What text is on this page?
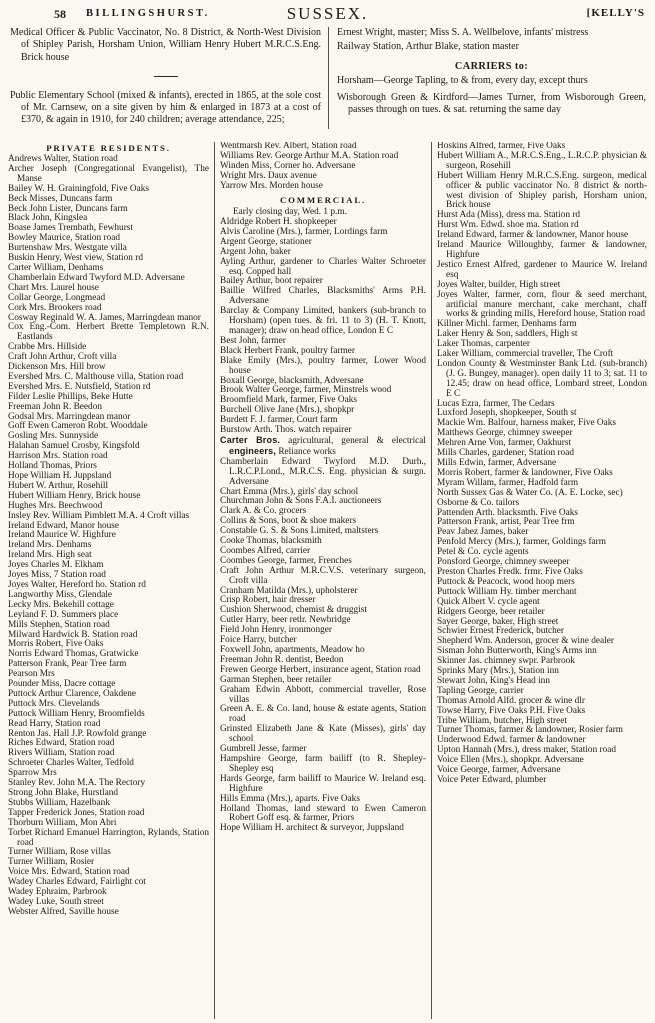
58 BILLINGSHURST.	SUSSEX.	[KELLY'S

Medical Officer & Public Vaccinator, No. 8 District, & North-West Division of Shipley Parish, Horsham Union, William Henry Hubert M.R.C.S.Eng. Brick house

Public Elementary School (mixed & infants), erected in 1865, at the sole cost of Mr. Carnsew, on a site given by him & enlarged in 1873 at a cost of £370, & again in 1910, for 240 children; average attendance, 225;

Ernest Wright, master; Miss S. A. Wellbelove, infants' mistress

Railway Station, Arthur Blake, station master

CARRIERS to:
Horsham—George Tapling, to & from, every day, except thurs
Wisborough Green & Kirdford—James Turner, from Wisborough Green, passes through on tues. & sat. returning the same day
PRIVATE RESIDENTS.
Andrews Walter, Station road
Archer Joseph (Congregational Evangelist), The Manse
Bailey W. H. Grainingfold, Five Oaks
Beck Misses, Duncans farm
Beck John Lister, Duncans farm
Black John, Kingslea
Boase James Trembath, Fewhurst
Bowley Maurice, Station road
Burtenshaw Mrs. Westgate villa
Buskin Henry, West view, Station rd
Carter William, Denhams
Chamberlain Edward Twyford M.D. Adversane
Chart Mrs. Laurel house
Collar George, Longmead
Cork Mrs. Brookers road
Cosway Reginald W. A. James, Marringdean manor
Cox Eng.-Com. Herbert Brette Templetown R.N. Eastlands
Crabbe Mrs. Hillside
Craft John Arthur, Croft villa
Dickenson Mrs. Hill brow
Evershed Mrs. C. Malthouse villa, Station road
Evershed Mrs. E. Nutsfield, Station rd
Filder Leslie Phillips, Beke Hutte
Freeman John R. Beedon
Godsal Mrs. Marringdean manor
Goff Ewen Cameron Robt. Wooddale
Gosling Mrs. Sunnyside
Halahan Samuel Crosby, Kingsfold
Harrison Mrs. Station road
Holland Thomas, Priors
Hope William H. Juppsland
Hubert W. Arthur, Rosehill
Hubert William Henry, Brick house
Hughes Mrs. Beechwood
Insley Rev. William Pimblett M.A. 4 Croft villas
Ireland Edward, Manor house
Ireland Maurice W. Highfure
Ireland Mrs. Denhams
Ireland Mrs. High seat
Joyes Charles M. Elkham
Joyes Miss, 7 Station road
Joyes Walter, Hereford ho. Station rd
Langworthy Miss, Glendale
Lecky Mrs. Bekehill cottage
Leyland F. D. Summers place
Mills Stephen, Station road
Milward Hardwick B. Station road
Morris Robert, Five Oaks
Norris Edward Thomas, Gratwicke
Patterson Frank, Pear Tree farm
Pearson Mrs
Pounder Miss, Dacre cottage
Puttock Arthur Clarence, Oakdene
Puttock Mrs. Clevelands
Puttock William Henry, Broomfields
Read Harry, Station road
Renton Jas. Hall J.P. Rowfold grange
Riches Edward, Station road
Rivers William, Station road
Schroeter Charles Walter, Tedfold
Sparrow Mrs
Stanley Rev. John M.A. The Rectory
Strong John Blake, Hurstland
Stubbs William, Hazelbank
Tapper Frederick Jones, Station road
Thorburn William, Mon Abri
Torbet Richard Emanuel Harrington, Rylands, Station road
Turner William, Rose villas
Turner William, Rosier
Voice Mrs. Edward, Station road
Wadey Charles Edward, Fairlight cot
Wadey Ephraim, Parbrook
Wadey Luke, South street
Webster Alfred, Saville house
Wentmarsh Rev. Albert, Station road
Williams Rev. George Arthur M.A. Station road
Winden Miss, Corner ho. Adversane
Wright Mrs. Daux avenue
Yarrow Mrs. Morden house
COMMERCIAL.
Early closing day, Wed. 1 p.m.
Aldridge Robert H. shopkeeper
Alvis Caroline (Mrs.), farmer, Lordings farm
Argent George, stationer
Argent John, baker
Ayling Arthur, gardener to Charles Walter Schroeter esq. Copped hall
Bailey Arthur, boot repairer
Baillie Wilfred Charles, Blacksmiths' Arms P.H. Adversane
Barclay & Company Limited, bankers (sub-branch to Horsham) (open tues. & fri. 11 to 3) (H. T. Knott, manager); draw on head office, London E C
Best John, farmer
Black Herbert Frank, poultry farmer
Blake Emily (Mrs.), poultry farmer, Lower Wood house
Boxall George, blacksmith, Adversane
Brook Walter George, farmer, Minstrels wood
Broomfield Mark, farmer, Five Oaks
Burchell Olive Jane (Mrs.), shopkpr
Burdett F. J. farmer, Court farm
Burstow Arth. Thos. watch repairer
Carter Bros. agricultural, general & electrical engineers, Reliance works
Chamberlain Edward Twyford M.D. Durh., L.R.C.P.Lond., M.R.C.S. Eng. physician & surgn. Adversane
Chart Emma (Mrs.), girls' day school
Churchman John & Sons F.A.I. auctioneers
Clark A. & Co. grocers
Collins & Sons, boot & shoe makers
Constable G. S. & Sons Limited, maltsters
Cooke Thomas, blacksmith
Coombes Alfred, carrier
Coombes George, farmer, Frenches
Craft John Arthur M.R.C.V.S. veterinary surgeon, Croft villa
Cranham Matilda (Mrs.), upholsterer
Crisp Robert, hair dresser
Cushion Sherwood, chemist & druggist
Cutler Harry, beer retlr. Newbridge
Field John Henry, ironmonger
Foice Harry, butcher
Foxwell John, apartments, Meadow ho
Freeman John R. dentist, Beedon
Frewen George Herbert, insurance agent, Station road
Garman Stephen, beer retailer
Graham Edwin Abbott, commercial traveller, Rose villas
Green A. E. & Co. land, house & estate agents, Station road
Grinsted Elizabeth Jane & Kate (Misses), girls' day school
Gumbrell Jesse, farmer
Hampshire George, farm bailiff (to R. Shepley-Shepley esq
Hards George, farm bailiff to Maurice W. Ireland esq. Highfure
Hills Emma (Mrs.), aparts. Five Oaks
Holland Thomas, land steward to Ewen Cameron Robert Goff esq. & farmer, Priors
Hope William H. architect & surveyor, Juppsland
Hoskins Alfred, farmer, Five Oaks
Hubert William A., M.R.C.S.Eng., L.R.C.P. physician & surgeon, Rosehill
Hubert William Henry M.R.C.S.Eng. surgeon, medical officer & public vaccinator No. 8 district & north-west division of Shipley parish, Horsham union, Brick house
Hurst Ada (Miss), dress ma. Station rd
Hurst Wm. Edwd. shoe ma. Station rd
Ireland Edward, farmer & landowner, Manor house
Ireland Maurice Willoughby, farmer & landowner, Highfure
Jestico Ernest Alfred, gardener to Maurice W. Ireland esq
Joyes Walter, builder, High street
Joyes Walter, farmer, corn, flour & seed merchant, artificial manure merchant, cake merchant, chaff works & grinding mills, Hereford house, Station road
Killner Michl. farmer, Denhams farm
Laker Henry & Son, saddlers, High st
Laker Thomas, carpenter
Laker William, commercial traveller, The Croft
London County & Westminster Bank Ltd. (sub-branch) (J. G. Bungey, manager). open daily 11 to 3; sat. 11 to 12.45; draw on head office, Lombard street, London E C
Lucas Ezra, farmer, The Cedars
Luxford Joseph, shopkeeper, South st
Mackie Wm. Balfour, harness maker, Five Oaks
Matthews George, chimney sweeper
Mehren Arne Von, farmer, Oakhurst
Mills Charles, gardener, Station road
Mills Edwin, farmer, Adversane
Morris Robert, farmer & landowner, Five Oaks
Myram Willam, farmer, Hadfold farm
North Sussex Gas & Water Co. (A. E. Locke, sec)
Osborne & Co. tailors
Pattenden Arth. blacksmth. Five Oaks
Patterson Frank, artist, Pear Tree frm
Peav Jabez James, baker
Penfold Mercy (Mrs.), farmer, Goldings farm
Petel & Co. cycle agents
Ponsford George, chimney sweeper
Preston Charles Fredk. frmr. Five Oaks
Puttock & Peacock, wood hoop mers
Puttock William Hy. timber merchant
Quick Albert V. cycle agent
Ridgers George, beer retailer
Sayer George, baker, High street
Schwier Ernest Frederick, butcher
Shepherd Wm. Anderson, grocer & wine dealer
Sisman John Butterworth, King's Arms inn
Skinner Jas. chimney swpr. Parbrook
Sprinks Mary (Mrs.), Station inn
Stewart John, King's Head inn
Tapling George, carrier
Thomas Arnold Alfd. grocer & wine dlr
Towse Harry, Five Oaks P.H. Five Oaks
Tribe William, butcher, High street
Turner Thomas, farmer & landowner, Rosier farm
Underwood Edwd. farmer & landowner
Upton Hannah (Mrs.), dress maker, Station road
Voice Ellen (Mrs.), shopkpr. Adversane
Voice George, farmer, Adversane
Voice Peter Edward, plumber
